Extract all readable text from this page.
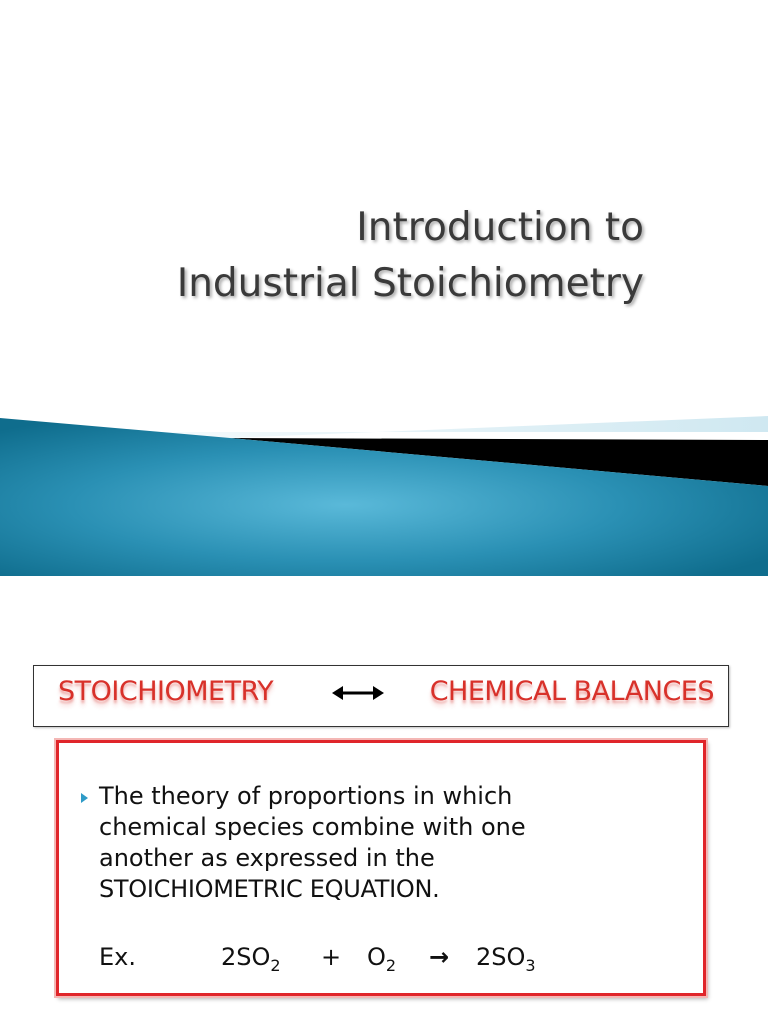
Introduction to
Industrial Stoichiometry
STOICHIOMETRY	CHEMICAL BALANCES
The theory of proportions in which
chemical species combine with one
another as expressed in the
STOICHIOMETRIC EQUATION.
Ex.	$2SO_2 + O_2 \to 2SO_3$
